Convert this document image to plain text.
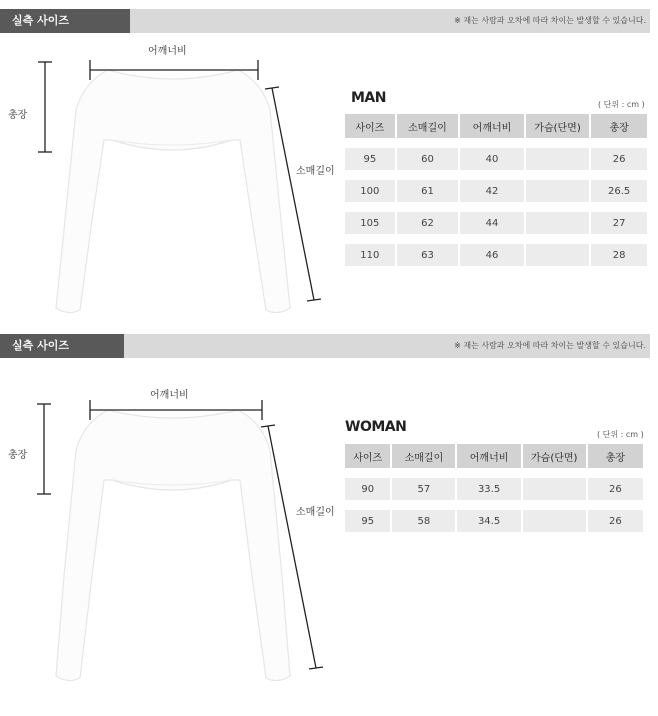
실측 사이즈	※ 재는 사람과 오차에 따라 차이는 발생할 수 있습니다.
어깨너비
총장
소매길이
MAN	( 단위 : cm )
사이즈	소매길이	어깨너비	가슴(단면)	총장
95	60	40		26
100	61	42		26.5
105	62	44		27
110	63	46		28
실측 사이즈	※ 재는 사람과 오차에 따라 차이는 발생할 수 있습니다.
어깨너비
총장
소매길이
WOMAN	( 단위 : cm )
사이즈	소매길이	어깨너비	가슴(단면)	총장
90	57	33.5		26
95	58	34.5		26
